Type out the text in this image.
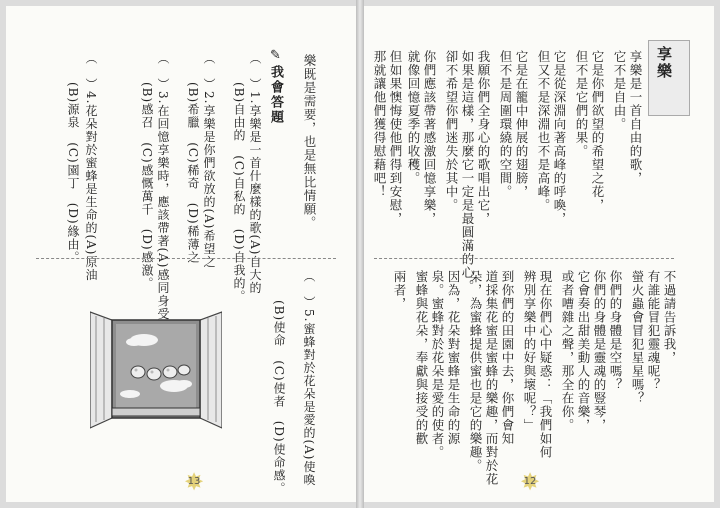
樂既是需要，也是無比情願。
✎我會答題
（　）1.享樂是一首什麼樣的歌(A)自大的
(B)自由的　(C)自私的　(D)自我的。
（　）2.享樂是你們欲放的(A)希望之
(B)希臘　(C)稀奇　(D)稀薄之
（　）3.在回憶享樂時，應該帶著(A)感同身受
(B)感召　(C)感慨萬千　(D)感激。
（　）4.花朵對於蜜蜂是生命的(A)原油
(B)源泉　(C)園丁　(D)緣由。
（　）5.蜜蜂對於花朵是愛的(A)使喚
(B)使命　(C)使者　(D)使命感。
✸ 13
享樂
享樂是一首自由的歌，
它不是自由。
它是你們欲望的希望之花，
但不是它們的果。
它是從深淵向著高峰的呼喚，
但又不是深淵也不是高峰。
它是在籠中伸展的翅膀，
但不是周圍環繞的空間。
我願你們全身心的歌唱出它，
如果是這樣，那麼它一定是最圓滿的心。
卻不希望你們迷失於其中。
你們應該帶著感激回憶享樂，
就像回憶夏季的收穫。
但如果懊悔使他們得到安慰，
那就讓他們獲得慰藉吧！
不過請告訴我，
有誰能冒犯靈魂呢？
螢火蟲會冒犯星星嗎？
你們的身體是空嗎？
你們的身體是靈魂的豎琴，
它會奏出甜美動人的音樂，
或者嘈雜之聲，那全在你。
現在你們心中疑惑：「我們如何
辨別享樂中的好與壞呢？」
到你們的田園中去，你們會知
道採集花蜜是蜜蜂的樂趣，而對於花
朵，為蜜蜂提供蜜也是它的樂趣。
因為，花朵對蜜蜂是生命的源
泉。蜜蜂對於花朵是愛的使者。
蜜蜂與花朵，奉獻與接受的歡
兩者，
✸ 12
